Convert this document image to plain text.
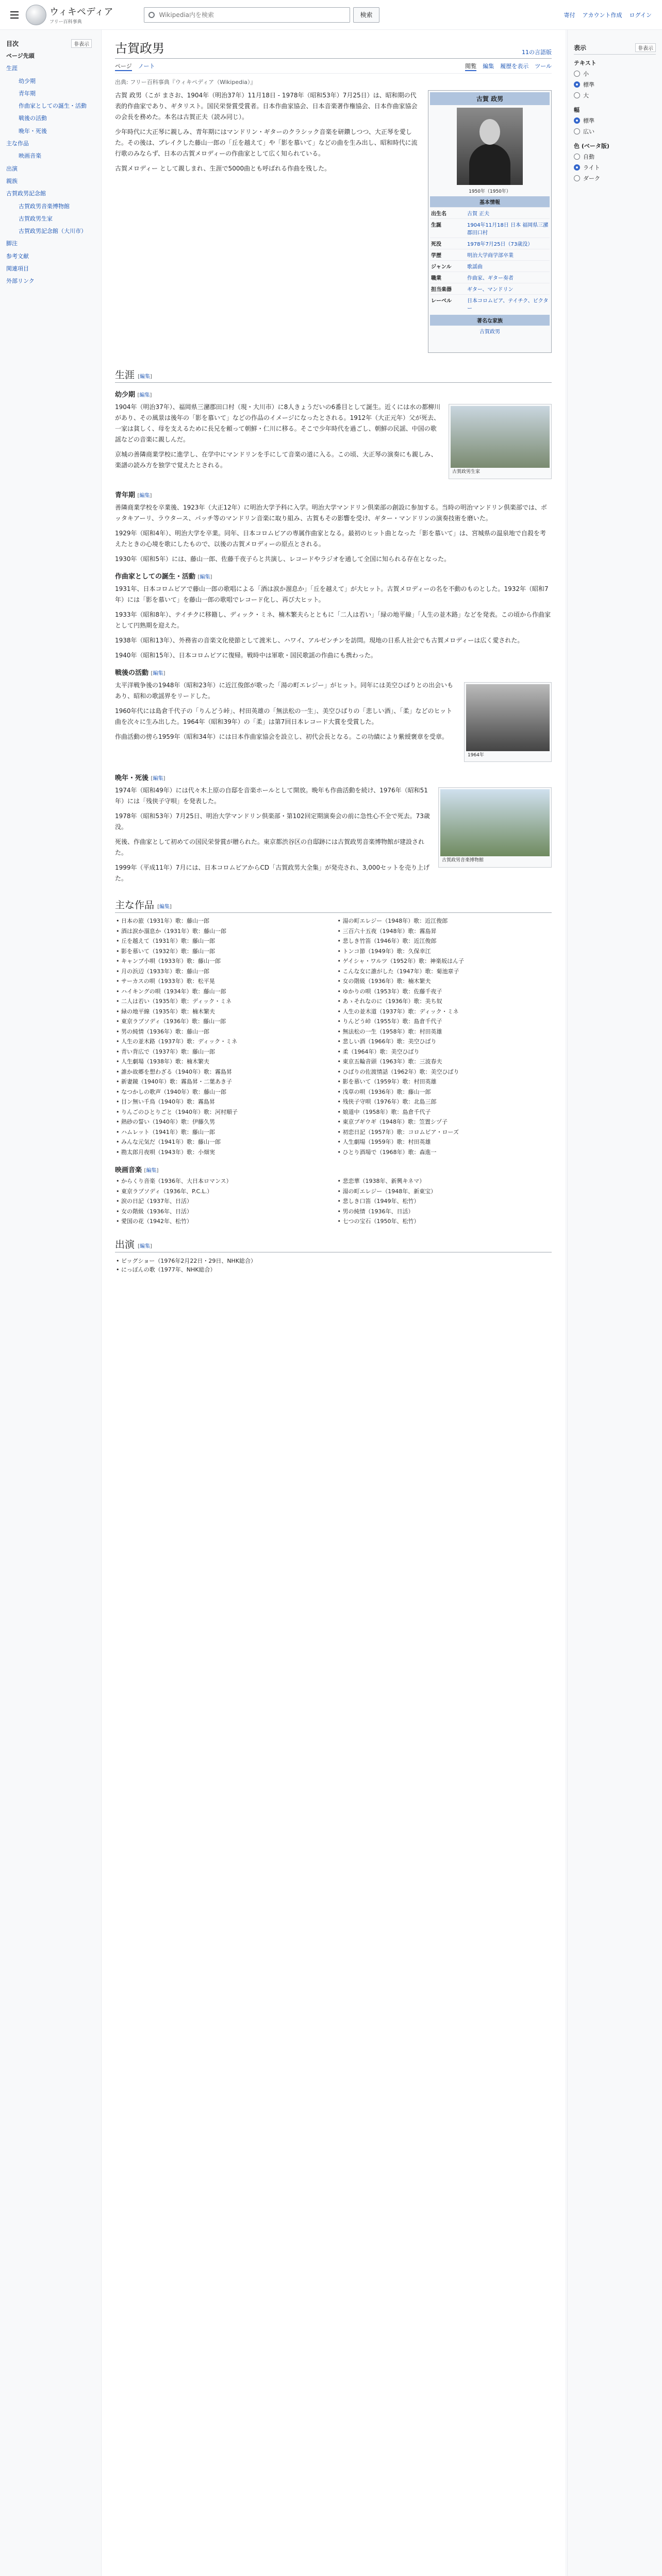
ウィキペディア
フリー百科事典
Wikipedia内を検索
検索	寄付 アカウント作成 ログイン
目次	非表示
ページ先頭
生涯
幼少期
青年期
作曲家としての誕生・活動
戦後の活動
晩年・死後
主な作品
映画音楽
出演
親族
古賀政男記念館
古賀政男音楽博物館
古賀政男生家
古賀政男記念館（大川市）
脚注
参考文献
関連項目
外部リンク
表示	非表示
テキスト
小
標準
大
幅
標準
広い
色 (ベータ版)
自動
ライト
ダーク
古賀政男	11の言語版
ページ ノート	閲覧 編集 履歴を表示 ツール
出典: フリー百科事典『ウィキペディア（Wikipedia）』
古賀 政男
1950年（1950年）
基本情報
出生名	古賀 正夫
生誕	1904年11月18日 日本 福岡県三瀦郡田口村
死没	1978年7月25日（73歳没）
学歴	明治大学商学部卒業
ジャンル	歌謡曲
職業	作曲家、ギター奏者
担当楽器	ギター、マンドリン
レーベル	日本コロムビア、テイチク、ビクター
著名な家族
古賀政男

古賀 政男（こが まさお、1904年（明治37年）11月18日 - 1978年（昭和53年）7月25日）は、昭和期の代表的作曲家であり、ギタリスト。国民栄誉賞受賞者。日本作曲家協会、日本音楽著作権協会、日本作曲家協会の会長を務めた。本名は古賀正夫（読み同じ）。

少年時代に大正琴に親しみ、青年期にはマンドリン・ギターのクラシック音楽を研鑽しつつ、大正琴を愛した。その後は、ブレイクした藤山一郎の「丘を越えて」や「影を慕いて」などの曲を生み出し、昭和時代に流行歌のみならず、日本の古賀メロディーの作曲家として広く知られている。

古賀メロディー として親しまれ、生涯で5000曲とも呼ばれる作曲を残した。

生涯 [編集]
幼少期 [編集]
古賀政男生家

1904年（明治37年）、福岡県三瀦郡田口村（現・大川市）に8人きょうだいの6番目として誕生。近くには水の都柳川があり、その風景は後年の「影を慕いて」などの作品のイメージになったとされる。1912年（大正元年）父が死去、一家は貧しく、母を支えるために長兄を頼って朝鮮・仁川に移る。そこで少年時代を過ごし、朝鮮の民謡、中国の歌謡などの音楽に親しんだ。

京城の善隣商業学校に進学し、在学中にマンドリンを手にして音楽の道に入る。この頃、大正琴の演奏にも親しみ、楽譜の読み方を独学で覚えたとされる。

青年期 [編集]

善隣商業学校を卒業後、1923年（大正12年）に明治大学予科に入学。明治大学マンドリン倶楽部の創設に参加する。当時の明治マンドリン倶楽部では、ボッタキアーリ、ラウタース、パッチ等のマンドリン音楽に取り組み、古賀もその影響を受け、ギター・マンドリンの演奏技術を磨いた。

1929年（昭和4年）、明治大学を卒業。同年、日本コロムビアの専属作曲家となる。最初のヒット曲となった「影を慕いて」は、宮城県の温泉地で自殺を考えたときの心境を歌にしたもので、以後の古賀メロディーの原点とされる。

1930年（昭和5年）には、藤山一郎、佐藤千夜子らと共演し、レコードやラジオを通して全国に知られる存在となった。

作曲家としての誕生・活動 [編集]

1931年、日本コロムビアで藤山一郎の歌唱による「酒は涙か溜息か」「丘を越えて」が大ヒット。古賀メロディーの名を不動のものとした。1932年（昭和7年）には「影を慕いて」を藤山一郎の歌唱でレコード化し、再び大ヒット。

1933年（昭和8年）、テイチクに移籍し、ディック・ミネ、楠木繁夫らとともに「二人は若い」「緑の地平線」「人生の並木路」などを発表。この頃から作曲家として円熟期を迎えた。

1938年（昭和13年）、外務省の音楽文化使節として渡米し、ハワイ、アルゼンチンを訪問。現地の日系人社会でも古賀メロディーは広く愛された。

1940年（昭和15年）、日本コロムビアに復帰。戦時中は軍歌・国民歌謡の作曲にも携わった。

戦後の活動 [編集]
1964年

太平洋戦争後の1948年（昭和23年）に近江俊郎が歌った「湯の町エレジー」がヒット。同年には美空ひばりとの出会いもあり、昭和の歌謡界をリードした。

1960年代には島倉千代子の「りんどう峠」、村田英雄の「無法松の一生」、美空ひばりの「悲しい酒」、「柔」などのヒット曲を次々に生み出した。1964年（昭和39年）の「柔」は第7回日本レコード大賞を受賞した。

作曲活動の傍ら1959年（昭和34年）には日本作曲家協会を設立し、初代会長となる。この功績により紫綬褒章を受章。

晩年・死後 [編集]
古賀政男音楽博物館

1974年（昭和49年）には代々木上原の自邸を音楽ホールとして開放。晩年も作曲活動を続け、1976年（昭和51年）には「残侠子守唄」を発表した。

1978年（昭和53年）7月25日、明治大学マンドリン倶楽部・第102回定期演奏会の前に急性心不全で死去。73歳没。

死後、作曲家として初めての国民栄誉賞が贈られた。東京都渋谷区の自邸跡には古賀政男音楽博物館が建設された。

1999年（平成11年）7月には、日本コロムビアからCD「古賀政男大全集」が発売され、3,000セットを売り上げた。

主な作品 [編集]
• 日本の旅（1931年）歌：藤山一郎
• 酒は涙か溜息か（1931年）歌：藤山一郎
• 丘を越えて（1931年）歌：藤山一郎
• 影を慕いて（1932年）歌：藤山一郎
• キャンプ小唄（1933年）歌：藤山一郎
• 月の浜辺（1933年）歌：藤山一郎
• サーカスの唄（1933年）歌：松平晃
• ハイキングの唄（1934年）歌：藤山一郎
• 二人は若い（1935年）歌：ディック・ミネ
• 緑の地平線（1935年）歌：楠木繁夫
• 東京ラプソディ（1936年）歌：藤山一郎
• 男の純情（1936年）歌：藤山一郎
• 人生の並木路（1937年）歌：ディック・ミネ
• 青い背広で（1937年）歌：藤山一郎
• 人生劇場（1938年）歌：楠木繁夫
• 誰か故郷を想わざる（1940年）歌：霧島昇
• 新妻鏡（1940年）歌：霧島昇・二葉あき子
• なつかしの歌声（1940年）歌：藤山一郎
• 目ン無い千鳥（1940年）歌：霧島昇
• りんごのひとりごと（1940年）歌：河村順子
• 熱砂の誓い（1940年）歌：伊藤久男
• ハムレット（1941年）歌：藤山一郎
• みんな元気だ（1941年）歌：藤山一郎
• 勘太郎月夜唄（1943年）歌：小畑実
• 湯の町エレジー（1948年）歌：近江俊郎
• 三百六十五夜（1948年）歌：霧島昇
• 悲しき竹笛（1946年）歌：近江俊郎
• トンコ節（1949年）歌：久保幸江
• ゲイシャ・ワルツ（1952年）歌：神楽坂はん子
• こんな女に誰がした（1947年）歌：菊池章子
• 女の階級（1936年）歌：楠木繁夫
• ゆかりの唄（1953年）歌：佐藤千夜子
• あゝそれなのに（1936年）歌：美ち奴
• 人生の並木道（1937年）歌：ディック・ミネ
• りんどう峠（1955年）歌：島倉千代子
• 無法松の一生（1958年）歌：村田英雄
• 悲しい酒（1966年）歌：美空ひばり
• 柔（1964年）歌：美空ひばり
• 東京五輪音頭（1963年）歌：三波春夫
• ひばりの佐渡情話（1962年）歌：美空ひばり
• 影を慕いて（1959年）歌：村田英雄
• 浅草の唄（1936年）歌：藤山一郎
• 残侠子守唄（1976年）歌：北島三郎
• 娘道中（1958年）歌：島倉千代子
• 東京ブギウギ（1948年）歌：笠置シヅ子
• 初恋日記（1957年）歌：コロムビア・ローズ
• 人生劇場（1959年）歌：村田英雄
• ひとり酒場で（1968年）歌：森進一
映画音楽 [編集]
• からくり音楽（1936年、大日本ロマンス）
• 東京ラプソディ（1936年、P.C.L.）
• 涙の日記（1937年、日活）
• 女の階級（1936年、日活）
• 愛国の花（1942年、松竹）
• 悲恋華（1938年、新興キネマ）
• 湯の町エレジー（1948年、新東宝）
• 悲しき口笛（1949年、松竹）
• 男の純情（1936年、日活）
• 七つの宝石（1950年、松竹）
出演 [編集]
• ビッグショー（1976年2月22日・29日、NHK総合）
• にっぽんの歌（1977年、NHK総合）
